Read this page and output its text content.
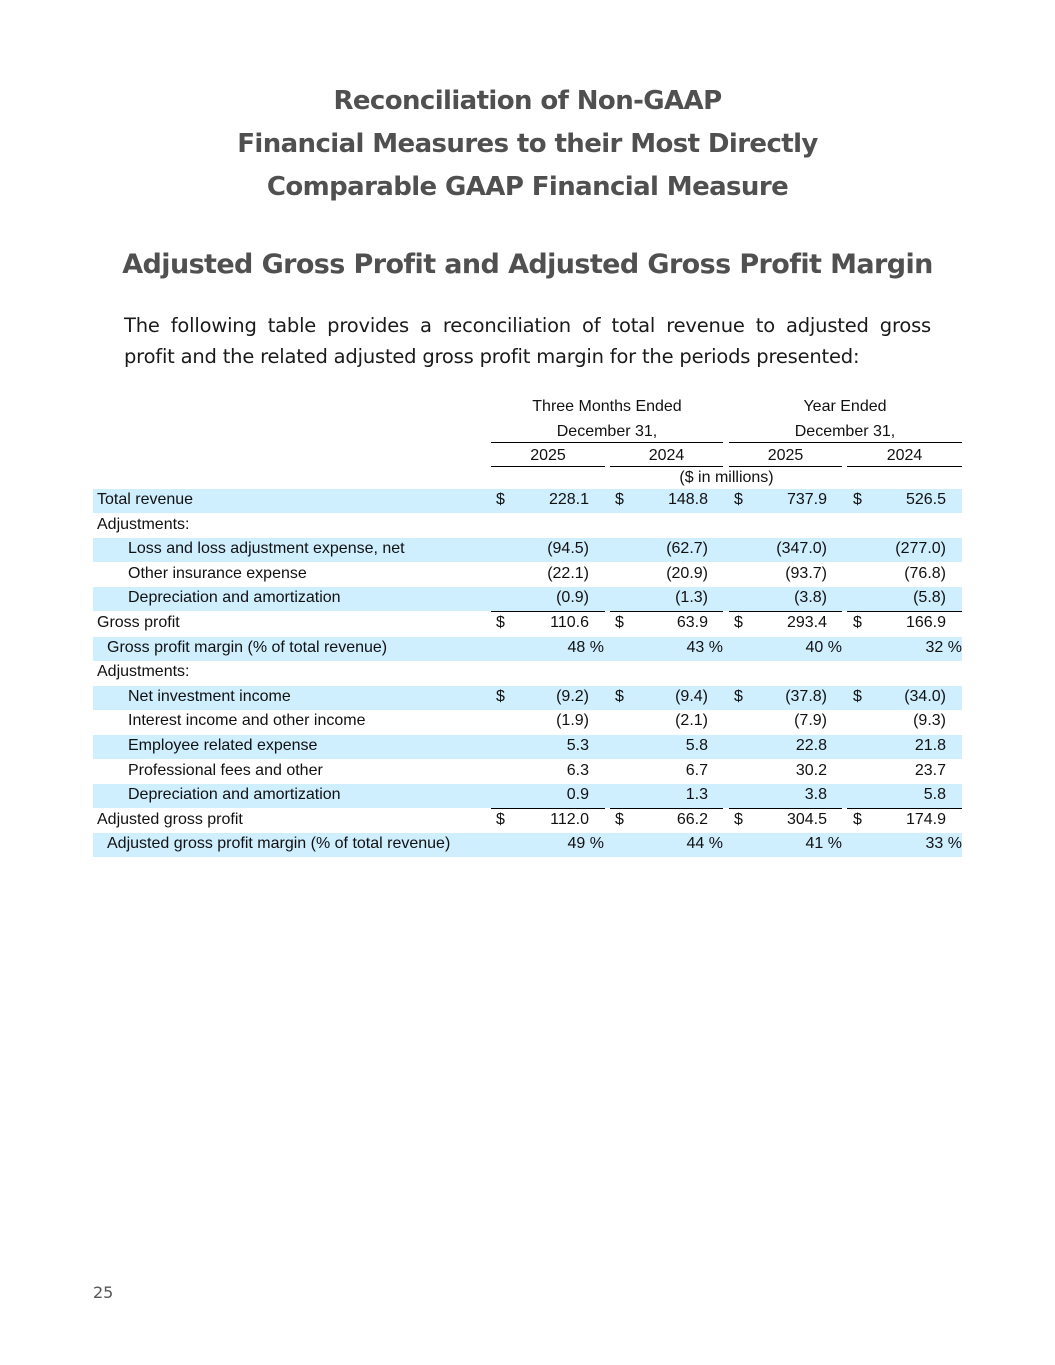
Reconciliation of Non-GAAP
Financial Measures to their Most Directly
Comparable GAAP Financial Measure
Adjusted Gross Profit and Adjusted Gross Profit Margin
The following table provides a reconciliation of total revenue to adjusted gross profit and the related adjusted gross profit margin for the periods presented:
Three Months Ended
December 31,
Year Ended
December 31,
2025	2024	2025	2024
($ in millions)
Total revenue	$	228.1 $	148.8 $	737.9 $	526.5
Adjustments:
Loss and loss adjustment expense, net	(94.5)	(62.7)	(347.0)	(277.0)
Other insurance expense	(22.1)	(20.9)	(93.7)	(76.8)
Depreciation and amortization	(0.9)	(1.3)	(3.8)	(5.8)
Gross profit	$	110.6 $	63.9 $	293.4 $	166.9
Gross profit margin (% of total revenue)	48 %	43 %	40 %	32 %
Adjustments:
Net investment income	$	(9.2) $	(9.4) $	(37.8) $	(34.0)
Interest income and other income	(1.9)	(2.1)	(7.9)	(9.3)
Employee related expense	5.3	5.8	22.8	21.8
Professional fees and other	6.3	6.7	30.2	23.7
Depreciation and amortization	0.9	1.3	3.8	5.8
Adjusted gross profit	$	112.0 $	66.2 $	304.5 $	174.9
Adjusted gross profit margin (% of total revenue)	49 %	44 %	41 %	33 %
25
